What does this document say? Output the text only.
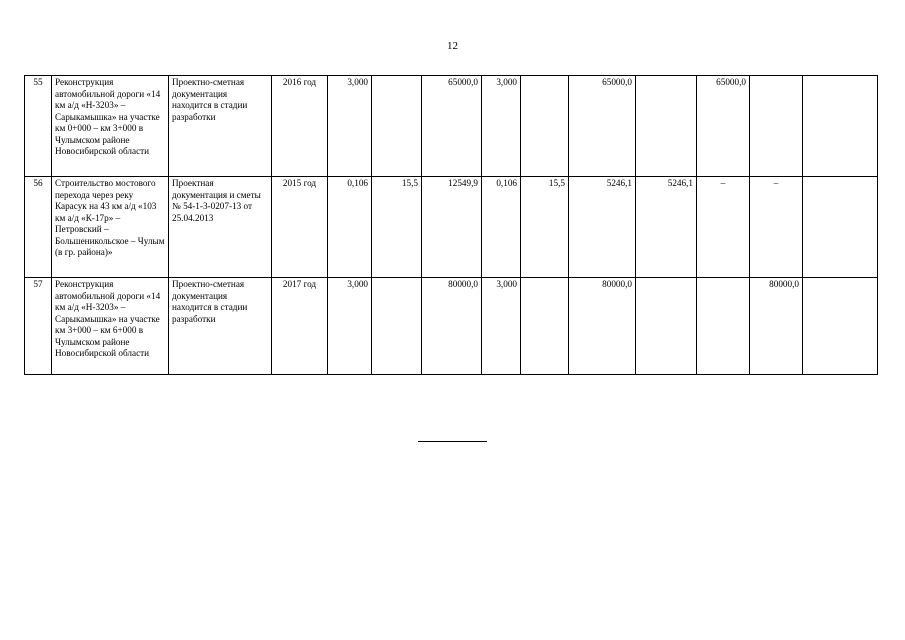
12
55	Реконструкция автомобильной дороги «14 км а/д «Н-3203» – Сарыкамышка» на участке км 0+000 – км 3+000 в Чулымском районе Новосибирской области	Проектно-сметная документация находится в стадии разработки	2016 год	3,000		65000,0	3,000		65000,0		65000,0		
56	Строительство мостового перехода через реку Карасук на 43 км а/д «103 км а/д «К-17р» – Петровский – Большеникольское – Чулым (в гр. района)»	Проектная документация и сметы № 54-1-3-0207-13 от 25.04.2013	2015 год	0,106	15,5	12549,9	0,106	15,5	5246,1	5246,1	–	–	
57	Реконструкция автомобильной дороги «14 км а/д «Н-3203» – Сарыкамышка» на участке км 3+000 – км 6+000 в Чулымском районе Новосибирской области	Проектно-сметная документация находится в стадии разработки	2017 год	3,000		80000,0	3,000		80000,0			80000,0	
